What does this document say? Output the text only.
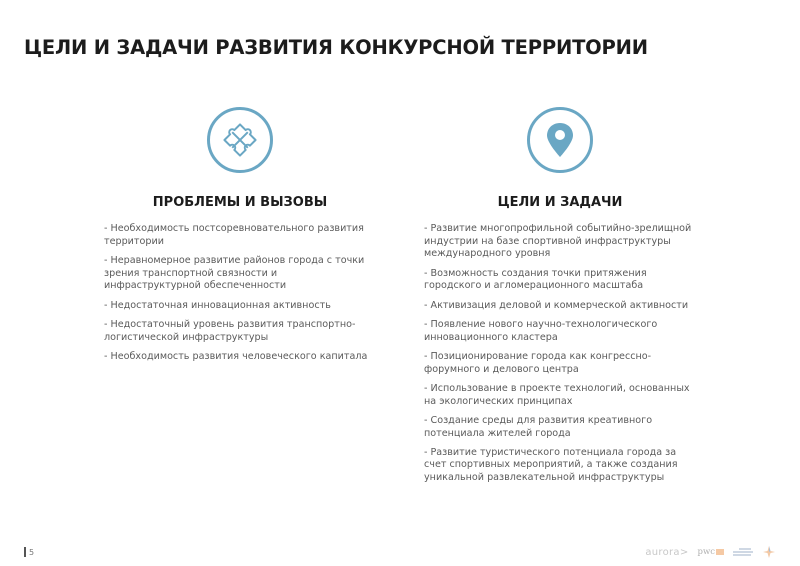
ЦЕЛИ И ЗАДАЧИ РАЗВИТИЯ КОНКУРСНОЙ ТЕРРИТОРИИ
ПРОБЛЕМЫ И ВЫЗОВЫ
- Необходимость постсоревновательного развития территории
- Неравномерное развитие районов города с точки зрения транспортной связности и инфраструктурной обеспеченности
- Недостаточная инновационная активность
- Недостаточный уровень развития транспортно-логистической инфраструктуры
- Необходимость развития человеческого капитала
ЦЕЛИ И ЗАДАЧИ
- Развитие многопрофильной событийно-зрелищной индустрии на базе спортивной инфраструктуры международного уровня
- Возможность создания точки притяжения городского и агломерационного масштаба
- Активизация деловой и коммерческой активности
- Появление нового научно-технологического инновационного кластера
- Позиционирование города как конгрессно-форумного и делового центра
- Использование в проекте технологий, основанных на экологических принципах
- Создание среды для развития креативного потенциала жителей города
- Развитие туристического потенциала города за счет спортивных мероприятий, а также создания уникальной развлекательной инфраструктуры
5	aurora> pwc
